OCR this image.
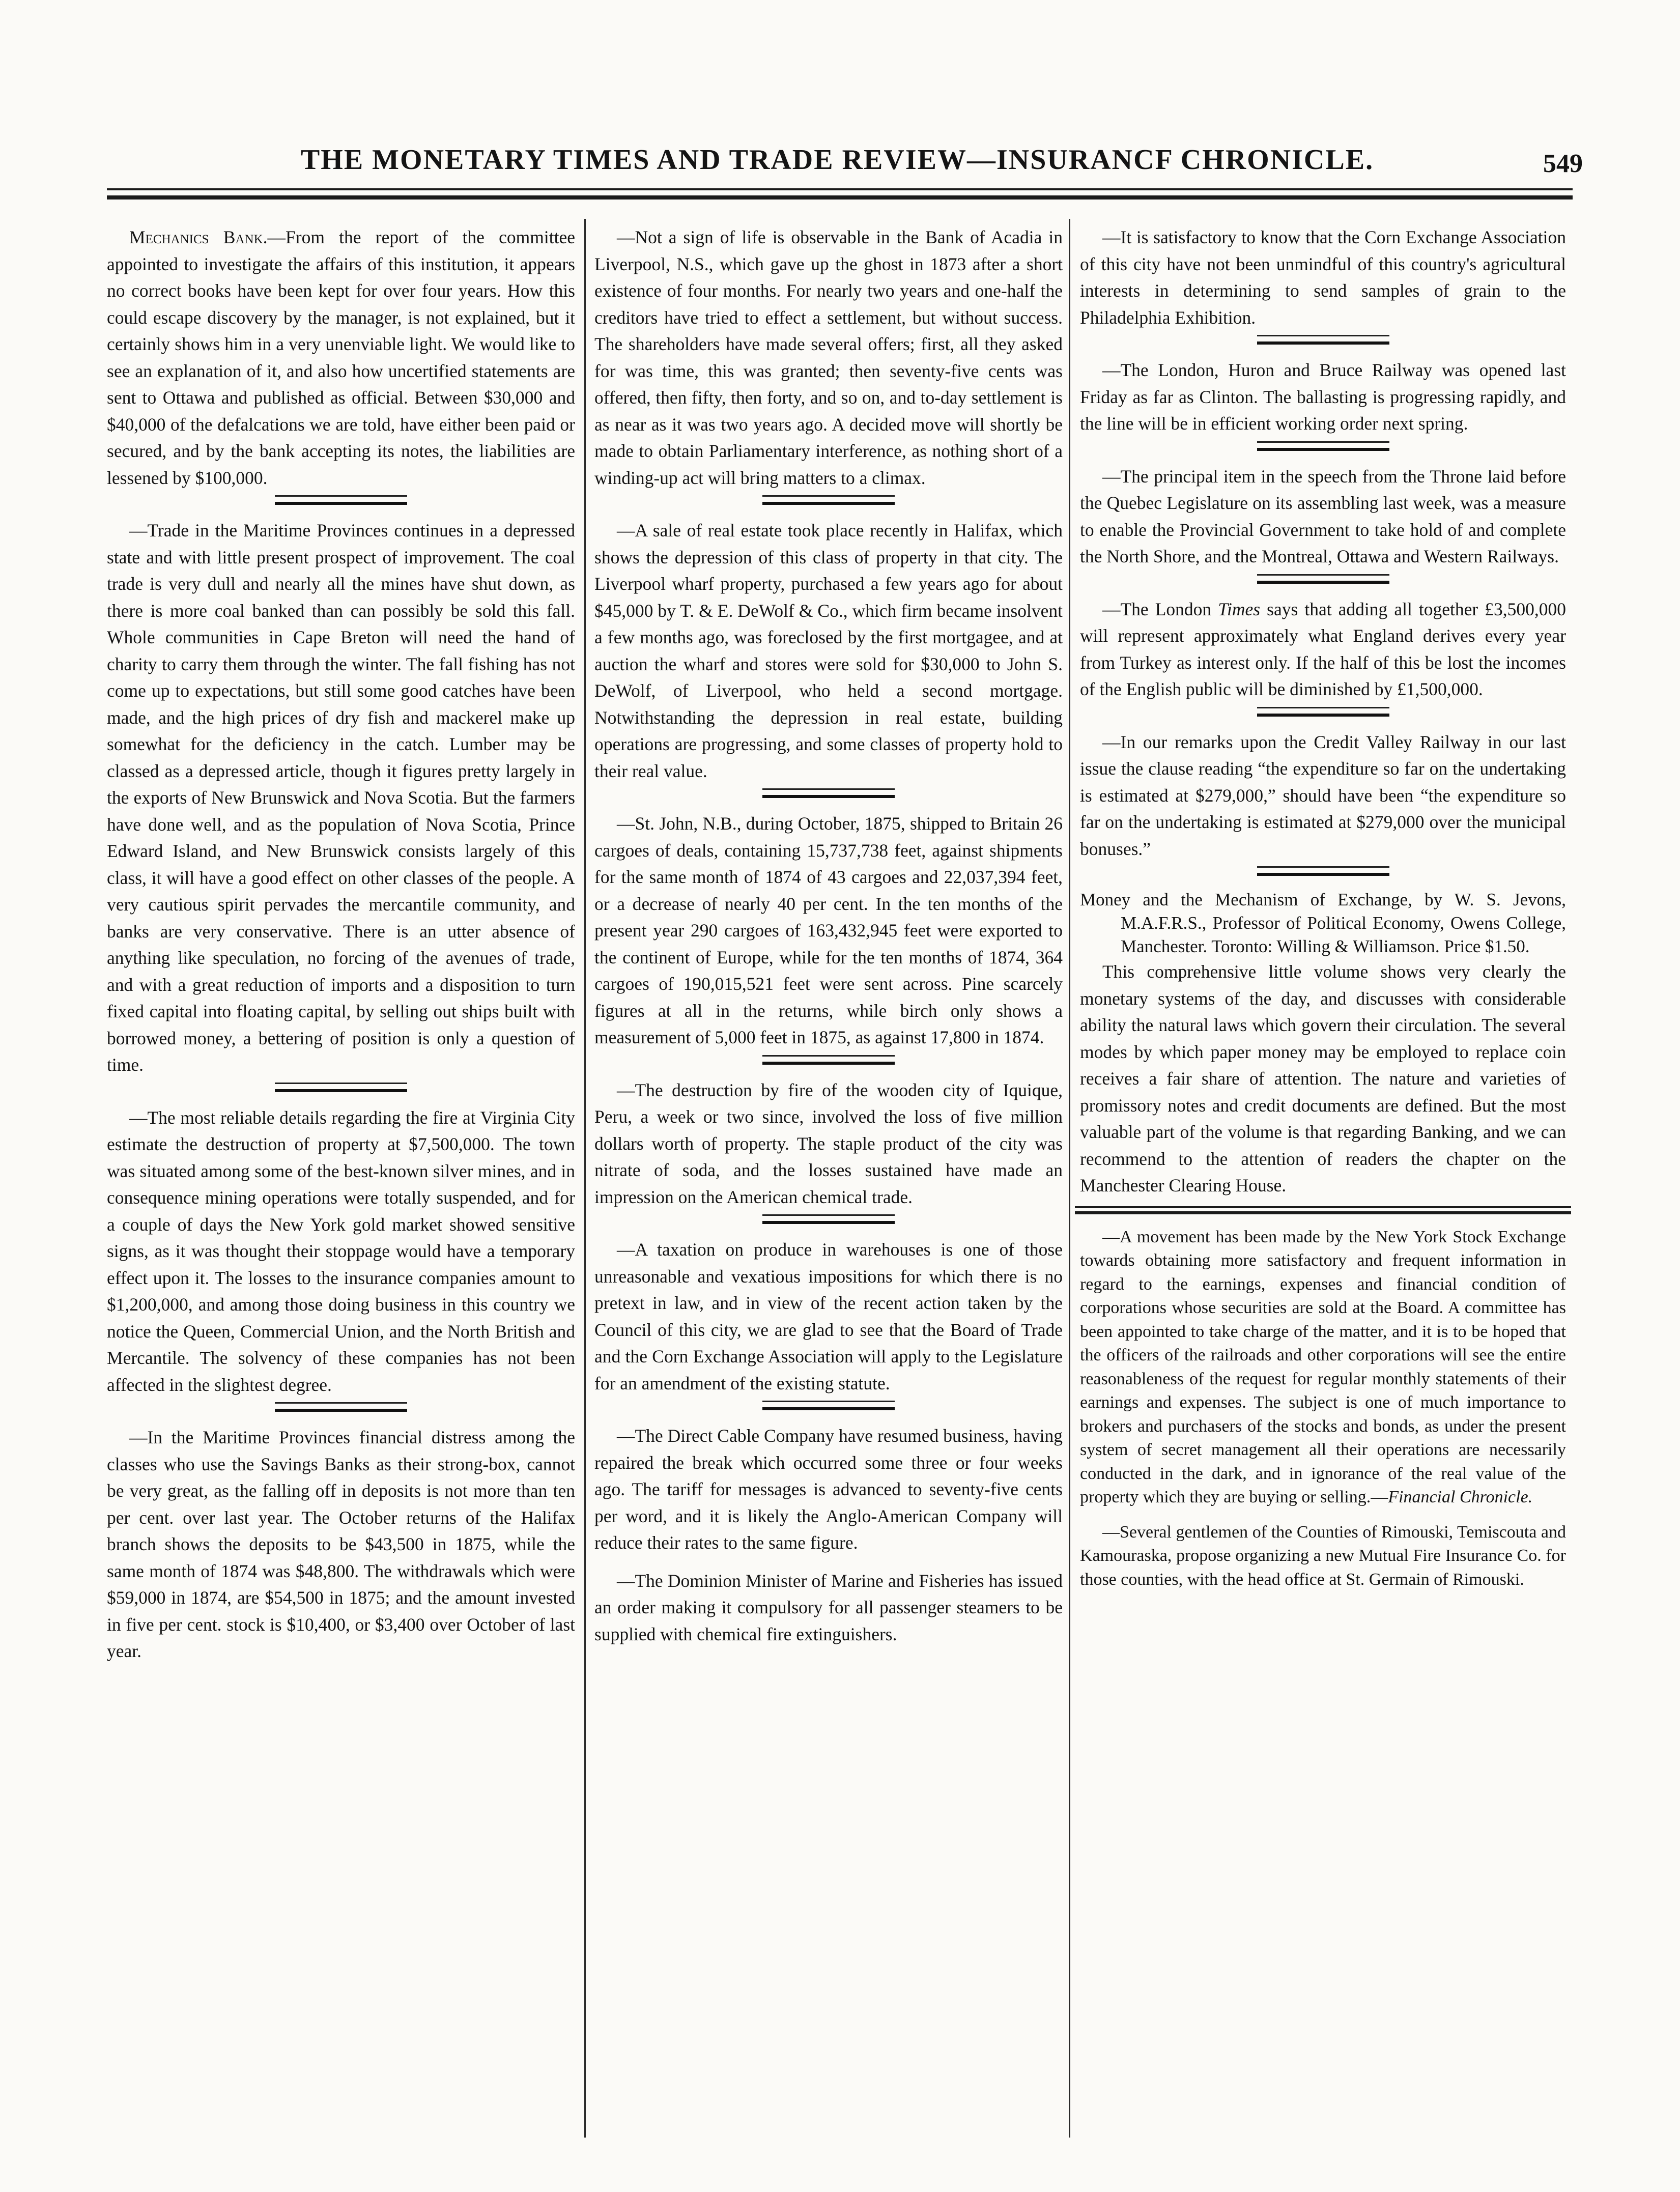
THE MONETARY TIMES AND TRADE REVIEW—INSURANCF CHRONICLE.	549

Mechanics Bank.—From the report of the committee appointed to investigate the affairs of this institution, it appears no correct books have been kept for over four years. How this could escape discovery by the manager, is not explained, but it certainly shows him in a very unenviable light. We would like to see an explanation of it, and also how uncertified statements are sent to Ottawa and published as official. Between $30,000 and $40,000 of the defalcations we are told, have either been paid or secured, and by the bank accepting its notes, the liabilities are lessened by $100,000.

—Trade in the Maritime Provinces continues in a depressed state and with little present prospect of improvement. The coal trade is very dull and nearly all the mines have shut down, as there is more coal banked than can possibly be sold this fall. Whole communities in Cape Breton will need the hand of charity to carry them through the winter. The fall fishing has not come up to expectations, but still some good catches have been made, and the high prices of dry fish and mackerel make up somewhat for the deficiency in the catch. Lumber may be classed as a depressed article, though it figures pretty largely in the exports of New Brunswick and Nova Scotia. But the farmers have done well, and as the population of Nova Scotia, Prince Edward Island, and New Brunswick consists largely of this class, it will have a good effect on other classes of the people. A very cautious spirit pervades the mercantile community, and banks are very conservative. There is an utter absence of anything like speculation, no forcing of the avenues of trade, and with a great reduction of imports and a disposition to turn fixed capital into floating capital, by selling out ships built with borrowed money, a bettering of position is only a question of time.

—The most reliable details regarding the fire at Virginia City estimate the destruction of property at $7,500,000. The town was situated among some of the best-known silver mines, and in consequence mining operations were totally suspended, and for a couple of days the New York gold market showed sensitive signs, as it was thought their stoppage would have a temporary effect upon it. The losses to the insurance companies amount to $1,200,000, and among those doing business in this country we notice the Queen, Commercial Union, and the North British and Mercantile. The solvency of these companies has not been affected in the slightest degree.

—In the Maritime Provinces financial distress among the classes who use the Savings Banks as their strong-box, cannot be very great, as the falling off in deposits is not more than ten per cent. over last year. The October returns of the Halifax branch shows the deposits to be $43,500 in 1875, while the same month of 1874 was $48,800. The withdrawals which were $59,000 in 1874, are $54,500 in 1875; and the amount invested in five per cent. stock is $10,400, or $3,400 over October of last year.

—Not a sign of life is observable in the Bank of Acadia in Liverpool, N.S., which gave up the ghost in 1873 after a short existence of four months. For nearly two years and one-half the creditors have tried to effect a settlement, but without success. The shareholders have made several offers; first, all they asked for was time, this was granted; then seventy-five cents was offered, then fifty, then forty, and so on, and to-day settlement is as near as it was two years ago. A decided move will shortly be made to obtain Parliamentary interference, as nothing short of a winding-up act will bring matters to a climax.

—A sale of real estate took place recently in Halifax, which shows the depression of this class of property in that city. The Liverpool wharf property, purchased a few years ago for about $45,000 by T. & E. DeWolf & Co., which firm became insolvent a few months ago, was foreclosed by the first mortgagee, and at auction the wharf and stores were sold for $30,000 to John S. DeWolf, of Liverpool, who held a second mortgage. Notwithstanding the depression in real estate, building operations are progressing, and some classes of property hold to their real value.

—St. John, N.B., during October, 1875, shipped to Britain 26 cargoes of deals, containing 15,737,738 feet, against shipments for the same month of 1874 of 43 cargoes and 22,037,394 feet, or a decrease of nearly 40 per cent. In the ten months of the present year 290 cargoes of 163,432,945 feet were exported to the continent of Europe, while for the ten months of 1874, 364 cargoes of 190,015,521 feet were sent across. Pine scarcely figures at all in the returns, while birch only shows a measurement of 5,000 feet in 1875, as against 17,800 in 1874.

—The destruction by fire of the wooden city of Iquique, Peru, a week or two since, involved the loss of five million dollars worth of property. The staple product of the city was nitrate of soda, and the losses sustained have made an impression on the American chemical trade.

—A taxation on produce in warehouses is one of those unreasonable and vexatious impositions for which there is no pretext in law, and in view of the recent action taken by the Council of this city, we are glad to see that the Board of Trade and the Corn Exchange Association will apply to the Legislature for an amendment of the existing statute.

—The Direct Cable Company have resumed business, having repaired the break which occurred some three or four weeks ago. The tariff for messages is advanced to seventy-five cents per word, and it is likely the Anglo-American Company will reduce their rates to the same figure.

—The Dominion Minister of Marine and Fisheries has issued an order making it compulsory for all passenger steamers to be supplied with chemical fire extinguishers.

—It is satisfactory to know that the Corn Exchange Association of this city have not been unmindful of this country's agricultural interests in determining to send samples of grain to the Philadelphia Exhibition.

—The London, Huron and Bruce Railway was opened last Friday as far as Clinton. The ballasting is progressing rapidly, and the line will be in efficient working order next spring.

—The principal item in the speech from the Throne laid before the Quebec Legislature on its assembling last week, was a measure to enable the Provincial Government to take hold of and complete the North Shore, and the Montreal, Ottawa and Western Railways.

—The London Times says that adding all together £3,500,000 will represent approximately what England derives every year from Turkey as interest only. If the half of this be lost the incomes of the English public will be diminished by £1,500,000.

—In our remarks upon the Credit Valley Railway in our last issue the clause reading “the expenditure so far on the undertaking is estimated at $279,000,” should have been “the expenditure so far on the undertaking is estimated at $279,000 over the municipal bonuses.”

Money and the Mechanism of Exchange, by W. S. Jevons, M.A.F.R.S., Professor of Political Economy, Owens College, Manchester. Toronto: Willing & Williamson. Price $1.50.

This comprehensive little volume shows very clearly the monetary systems of the day, and discusses with considerable ability the natural laws which govern their circulation. The several modes by which paper money may be employed to replace coin receives a fair share of attention. The nature and varieties of promissory notes and credit documents are defined. But the most valuable part of the volume is that regarding Banking, and we can recommend to the attention of readers the chapter on the Manchester Clearing House.

—A movement has been made by the New York Stock Exchange towards obtaining more satisfactory and frequent information in regard to the earnings, expenses and financial condition of corporations whose securities are sold at the Board. A committee has been appointed to take charge of the matter, and it is to be hoped that the officers of the railroads and other corporations will see the entire reasonableness of the request for regular monthly statements of their earnings and expenses. The subject is one of much importance to brokers and purchasers of the stocks and bonds, as under the present system of secret management all their operations are necessarily conducted in the dark, and in ignorance of the real value of the property which they are buying or selling.—Financial Chronicle.

—Several gentlemen of the Counties of Rimouski, Temiscouta and Kamouraska, propose organizing a new Mutual Fire Insurance Co. for those counties, with the head office at St. Germain of Rimouski.
